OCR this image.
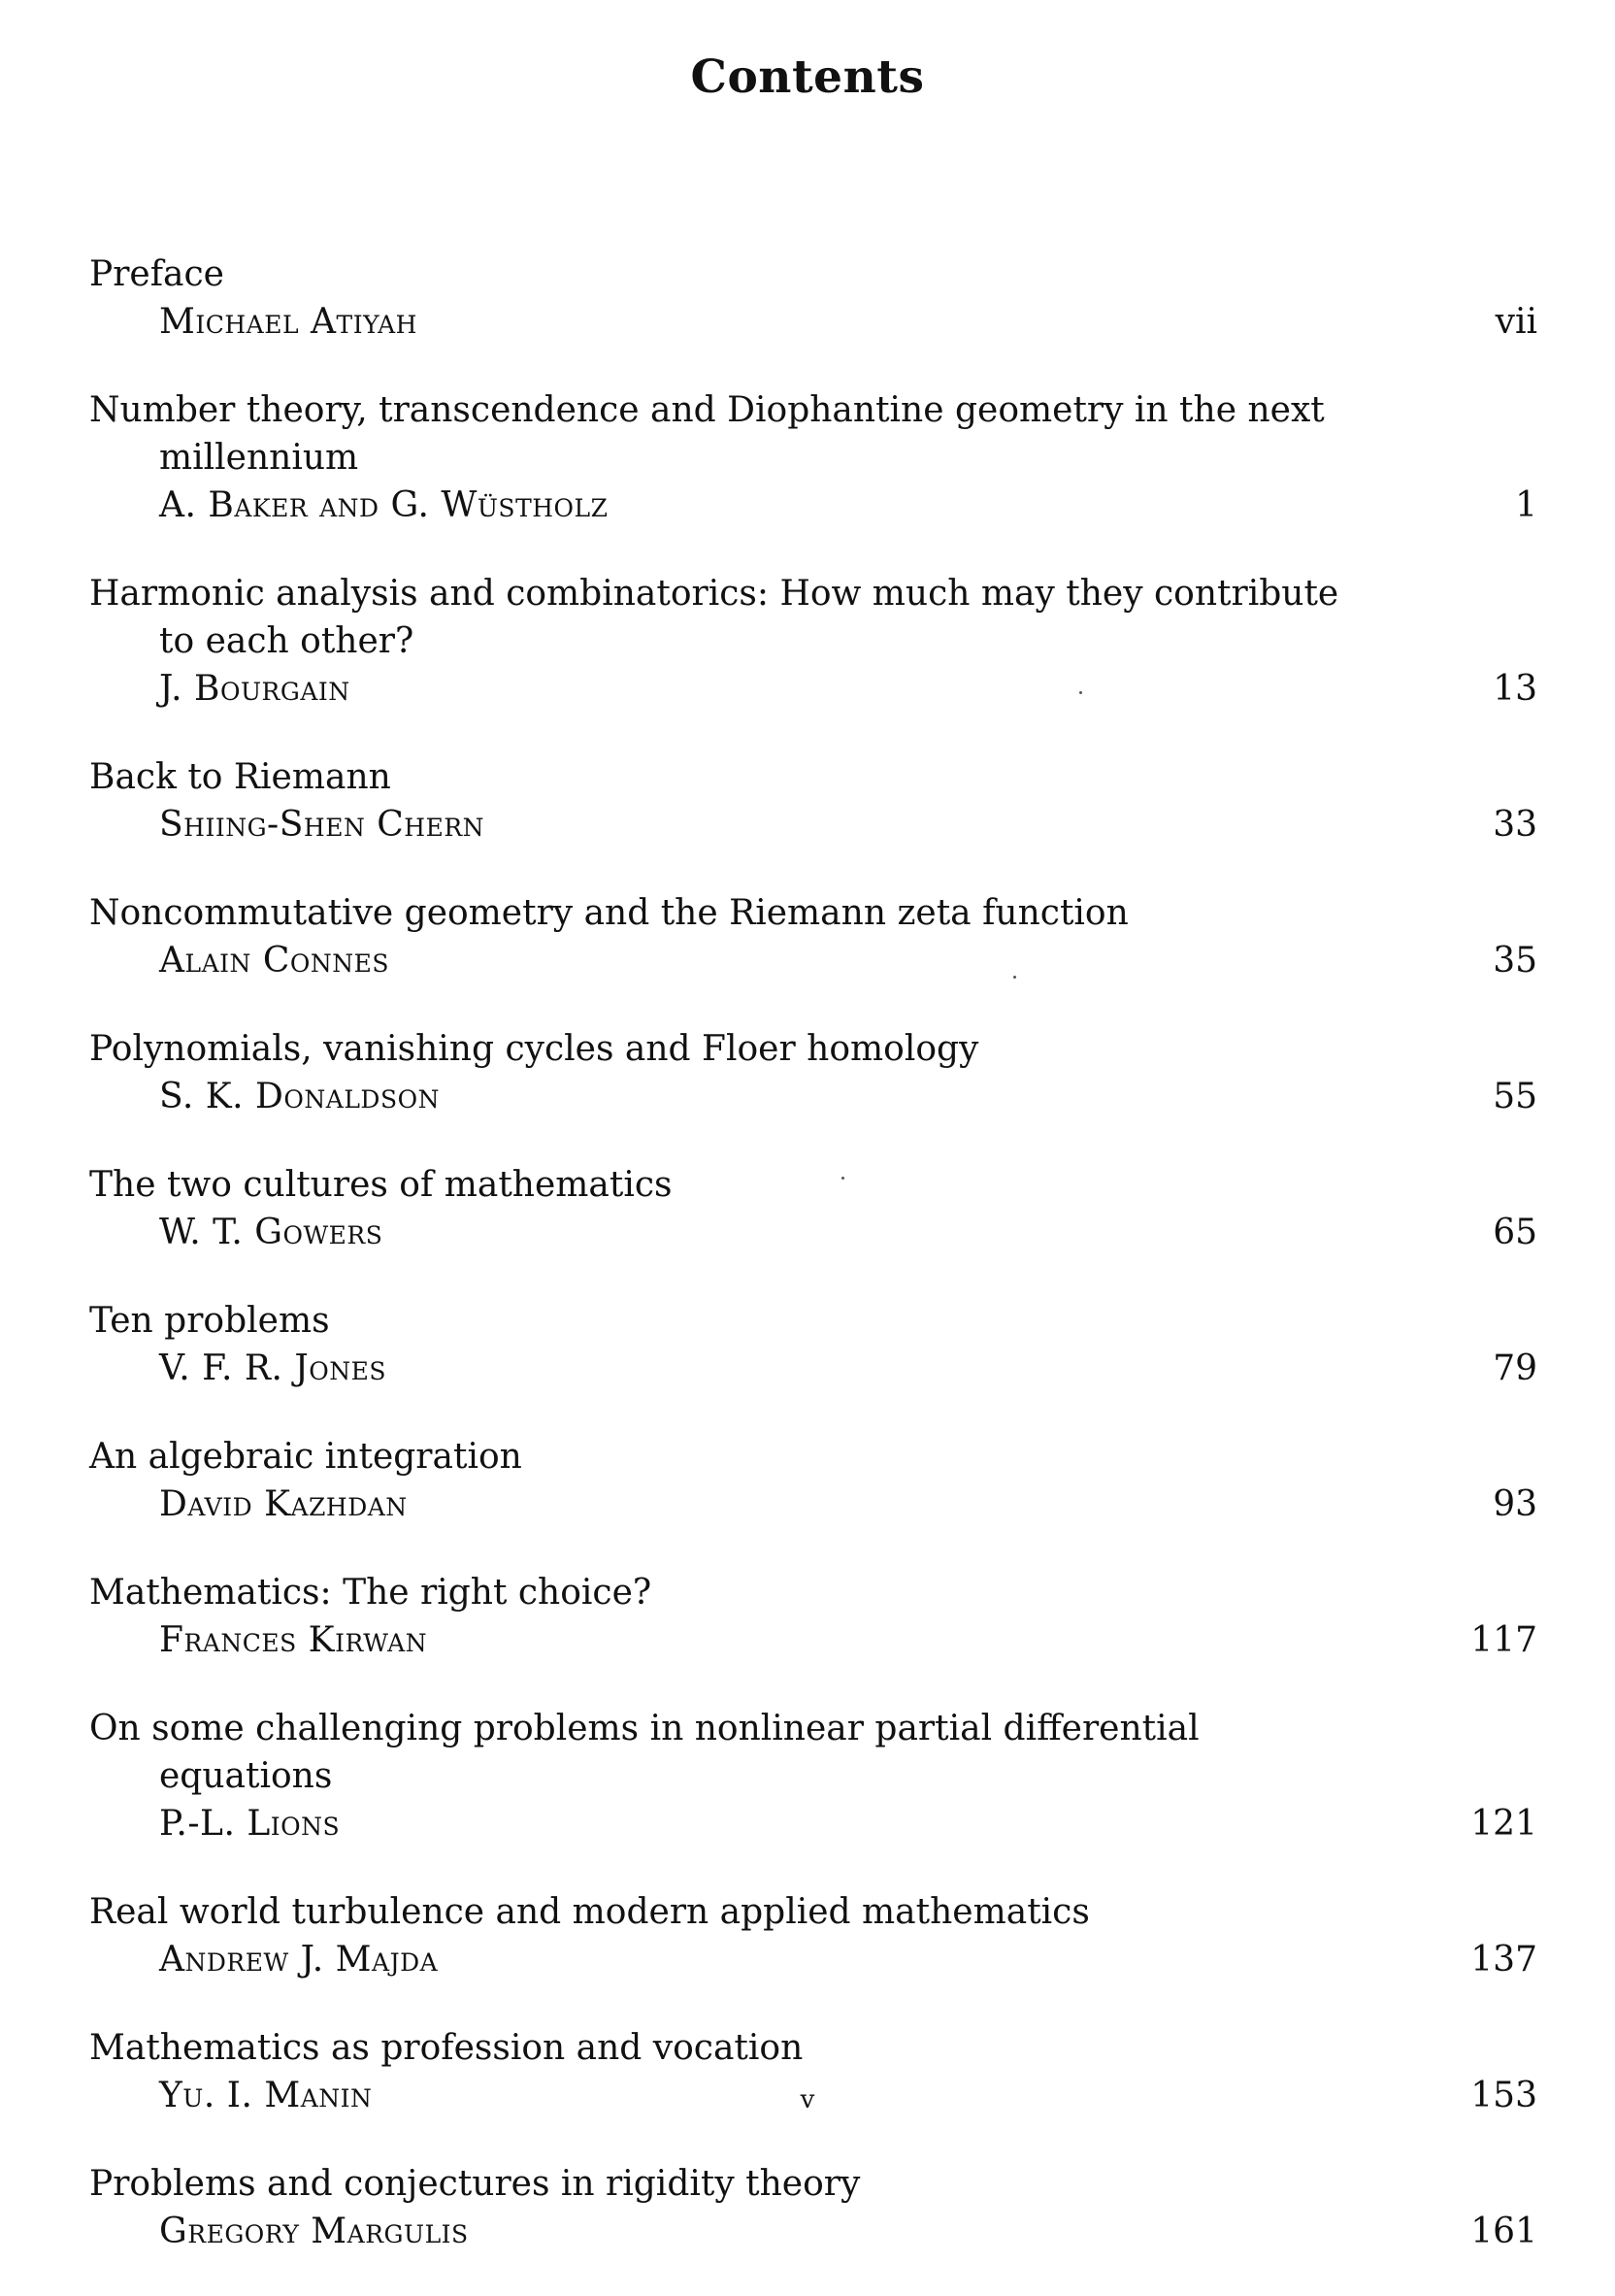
Contents
Preface
Michael Atiyah	vii
Number theory, transcendence and Diophantine geometry in the next millennium
A. Baker and G. Wüstholz	1
Harmonic analysis and combinatorics: How much may they contribute to each other?
J. Bourgain	13
Back to Riemann
Shiing-Shen Chern	33
Noncommutative geometry and the Riemann zeta function
Alain Connes	35
Polynomials, vanishing cycles and Floer homology
S. K. Donaldson	55
The two cultures of mathematics
W. T. Gowers	65
Ten problems
V. F. R. Jones	79
An algebraic integration
David Kazhdan	93
Mathematics: The right choice?
Frances Kirwan	117
On some challenging problems in nonlinear partial differential equations
P.-L. Lions	121
Real world turbulence and modern applied mathematics
Andrew J. Majda	137
Mathematics as profession and vocation
Yu. I. Manin	153
Problems and conjectures in rigidity theory
Gregory Margulis	161
v
